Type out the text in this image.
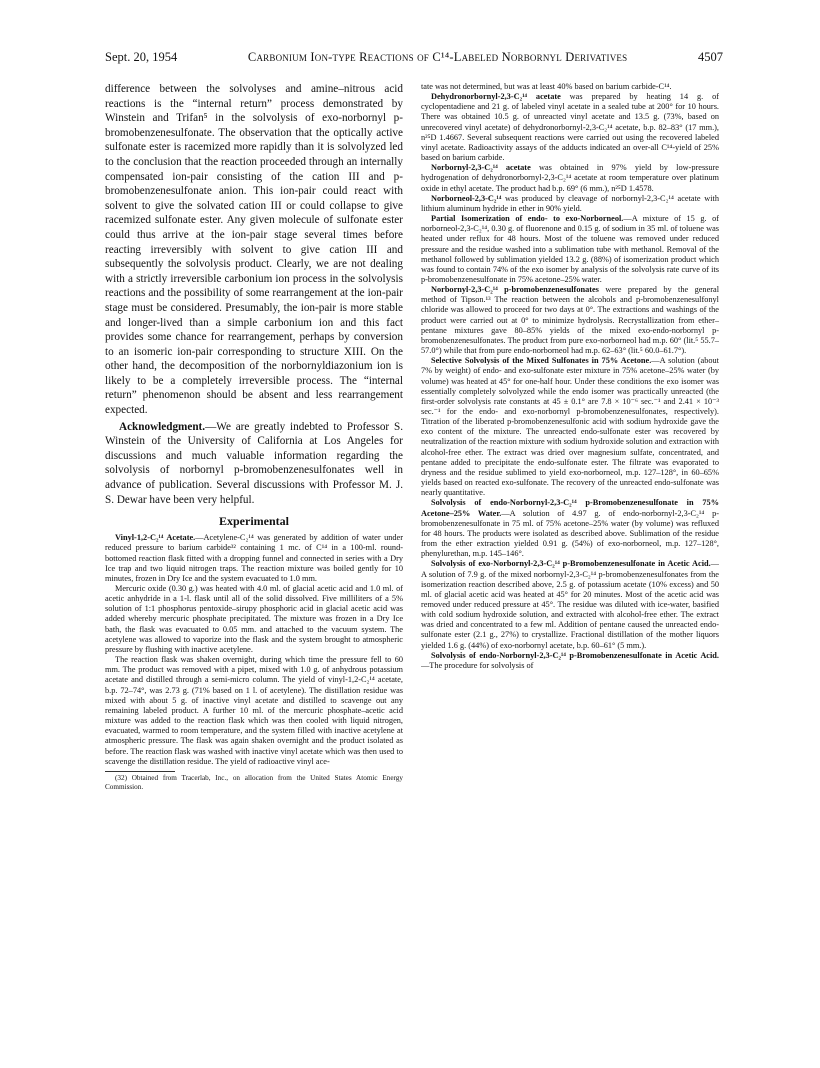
Sept. 20, 1954	Carbonium Ion-type Reactions of C¹⁴-Labeled Norbornyl Derivatives	4507

difference between the solvolyses and amine–nitrous acid reactions is the “internal return” process demonstrated by Winstein and Trifan⁵ in the solvolysis of exo-norbornyl p-bromobenzenesulfonate. The observation that the optically active sulfonate ester is racemized more rapidly than it is solvolyzed led to the conclusion that the reaction proceeded through an internally compensated ion-pair consisting of the cation III and p-bromobenzenesulfonate anion. This ion-pair could react with solvent to give the solvated cation III or could collapse to give racemized sulfonate ester. Any given molecule of sulfonate ester could thus arrive at the ion-pair stage several times before reacting irreversibly with solvent to give cation III and subsequently the solvolysis product. Clearly, we are not dealing with a strictly irreversible carbonium ion process in the solvolysis reactions and the possibility of some rearrangement at the ion-pair stage must be considered. Presumably, the ion-pair is more stable and longer-lived than a simple carbonium ion and this fact provides some chance for rearrangement, perhaps by conversion to an isomeric ion-pair corresponding to structure XIII. On the other hand, the decomposition of the norbornyldiazonium ion is likely to be a completely irreversible process. The “internal return” phenomenon should be absent and less rearrangement expected.

Acknowledgment.—We are greatly indebted to Professor S. Winstein of the University of California at Los Angeles for discussions and much valuable information regarding the solvolysis of norbornyl p-bromobenzenesulfonates well in advance of publication. Several discussions with Professor M. J. S. Dewar have been very helpful.

Experimental

Vinyl-1,2-C₂¹⁴ Acetate.—Acetylene-C₂¹⁴ was generated by addition of water under reduced pressure to barium carbide³² containing 1 mc. of C¹⁴ in a 100-ml. round-bottomed reaction flask fitted with a dropping funnel and connected in series with a Dry Ice trap and two liquid nitrogen traps. The reaction mixture was boiled gently for 10 minutes, frozen in Dry Ice and the system evacuated to 1.0 mm.

Mercuric oxide (0.30 g.) was heated with 4.0 ml. of glacial acetic acid and 1.0 ml. of acetic anhydride in a 1-l. flask until all of the solid dissolved. Five milliliters of a 5% solution of 1:1 phosphorus pentoxide–sirupy phosphoric acid in glacial acetic acid was added whereby mercuric phosphate precipitated. The mixture was frozen in a Dry Ice bath, the flask was evacuated to 0.05 mm. and attached to the vacuum system. The acetylene was allowed to vaporize into the flask and the system brought to atmospheric pressure by flushing with inactive acetylene.

The reaction flask was shaken overnight, during which time the pressure fell to 60 mm. The product was removed with a pipet, mixed with 1.0 g. of anhydrous potassium acetate and distilled through a semi-micro column. The yield of vinyl-1,2-C₂¹⁴ acetate, b.p. 72–74°, was 2.73 g. (71% based on 1 l. of acetylene). The distillation residue was mixed with about 5 g. of inactive vinyl acetate and distilled to scavenge out any remaining labeled product. A further 10 ml. of the mercuric phosphate–acetic acid mixture was added to the reaction flask which was then cooled with liquid nitrogen, evacuated, warmed to room temperature, and the system filled with inactive acetylene at atmospheric pressure. The flask was again shaken overnight and the product isolated as before. The reaction flask was washed with inactive vinyl acetate which was then used to scavenge the distillation residue. The yield of radioactive vinyl ace-

(32) Obtained from Tracerlab, Inc., on allocation from the United States Atomic Energy Commission.

tate was not determined, but was at least 40% based on barium carbide-C¹⁴.

Dehydronorbornyl-2,3-C₂¹⁴ acetate was prepared by heating 14 g. of cyclopentadiene and 21 g. of labeled vinyl acetate in a sealed tube at 200° for 10 hours. There was obtained 10.5 g. of unreacted vinyl acetate and 13.5 g. (73%, based on unrecovered vinyl acetate) of dehydronorbornyl-2,3-C₂¹⁴ acetate, b.p. 82–83° (17 mm.), n²⁵D 1.4667. Several subsequent reactions were carried out using the recovered labeled vinyl acetate. Radioactivity assays of the adducts indicated an over-all C¹⁴-yield of 25% based on barium carbide.

Norbornyl-2,3-C₂¹⁴ acetate was obtained in 97% yield by low-pressure hydrogenation of dehydronorbornyl-2,3-C₂¹⁴ acetate at room temperature over platinum oxide in ethyl acetate. The product had b.p. 69° (6 mm.), n²⁵D 1.4578.

Norborneol-2,3-C₂¹⁴ was produced by cleavage of norbornyl-2,3-C₂¹⁴ acetate with lithium aluminum hydride in ether in 90% yield.

Partial Isomerization of endo- to exo-Norborneol.—A mixture of 15 g. of norborneol-2,3-C₂¹⁴, 0.30 g. of fluorenone and 0.15 g. of sodium in 35 ml. of toluene was heated under reflux for 48 hours. Most of the toluene was removed under reduced pressure and the residue washed into a sublimation tube with methanol. Removal of the methanol followed by sublimation yielded 13.2 g. (88%) of isomerization product which was found to contain 74% of the exo isomer by analysis of the solvolysis rate curve of its p-bromobenzenesulfonate in 75% acetone–25% water.

Norbornyl-2,3-C₂¹⁴ p-bromobenzenesulfonates were prepared by the general method of Tipson.¹³ The reaction between the alcohols and p-bromobenzenesulfonyl chloride was allowed to proceed for two days at 0°. The extractions and washings of the product were carried out at 0° to minimize hydrolysis. Recrystallization from ether–pentane mixtures gave 80–85% yields of the mixed exo-endo-norbornyl p-bromobenzenesulfonates. The product from pure exo-norborneol had m.p. 60° (lit.⁵ 55.7–57.0°) while that from pure endo-norborneol had m.p. 62–63° (lit.⁵ 60.0–61.7°).

Selective Solvolysis of the Mixed Sulfonates in 75% Acetone.—A solution (about 7% by weight) of endo- and exo-sulfonate ester mixture in 75% acetone–25% water (by volume) was heated at 45° for one-half hour. Under these conditions the exo isomer was essentially completely solvolyzed while the endo isomer was practically unreacted (the first-order solvolysis rate constants at 45 ± 0.1° are 7.8 × 10⁻⁶ sec.⁻¹ and 2.41 × 10⁻³ sec.⁻¹ for the endo- and exo-norbornyl p-bromobenzenesulfonates, respectively). Titration of the liberated p-bromobenzenesulfonic acid with sodium hydroxide gave the exo content of the mixture. The unreacted endo-sulfonate ester was recovered by neutralization of the reaction mixture with sodium hydroxide solution and extraction with alcohol-free ether. The extract was dried over magnesium sulfate, concentrated, and pentane added to precipitate the endo-sulfonate ester. The filtrate was evaporated to dryness and the residue sublimed to yield exo-norborneol, m.p. 127–128°, in 60–65% yields based on reacted exo-sulfonate. The recovery of the unreacted endo-sulfonate was nearly quantitative.

Solvolysis of endo-Norbornyl-2,3-C₂¹⁴ p-Bromobenzenesulfonate in 75% Acetone–25% Water.—A solution of 4.97 g. of endo-norbornyl-2,3-C₂¹⁴ p-bromobenzenesulfonate in 75 ml. of 75% acetone–25% water (by volume) was refluxed for 48 hours. The products were isolated as described above. Sublimation of the residue from the ether extraction yielded 0.91 g. (54%) of exo-norborneol, m.p. 127–128°, phenylurethan, m.p. 145–146°.

Solvolysis of exo-Norbornyl-2,3-C₂¹⁴ p-Bromobenzenesulfonate in Acetic Acid.—A solution of 7.9 g. of the mixed norbornyl-2,3-C₂¹⁴ p-bromobenzenesulfonates from the isomerization reaction described above, 2.5 g. of potassium acetate (10% excess) and 50 ml. of glacial acetic acid was heated at 45° for 20 minutes. Most of the acetic acid was removed under reduced pressure at 45°. The residue was diluted with ice-water, basified with cold sodium hydroxide solution, and extracted with alcohol-free ether. The extract was dried and concentrated to a few ml. Addition of pentane caused the unreacted endo-sulfonate ester (2.1 g., 27%) to crystallize. Fractional distillation of the mother liquors yielded 1.6 g. (44%) of exo-norbornyl acetate, b.p. 60–61° (5 mm.).

Solvolysis of endo-Norbornyl-2,3-C₂¹⁴ p-Bromobenzenesulfonate in Acetic Acid.—The procedure for solvolysis of
